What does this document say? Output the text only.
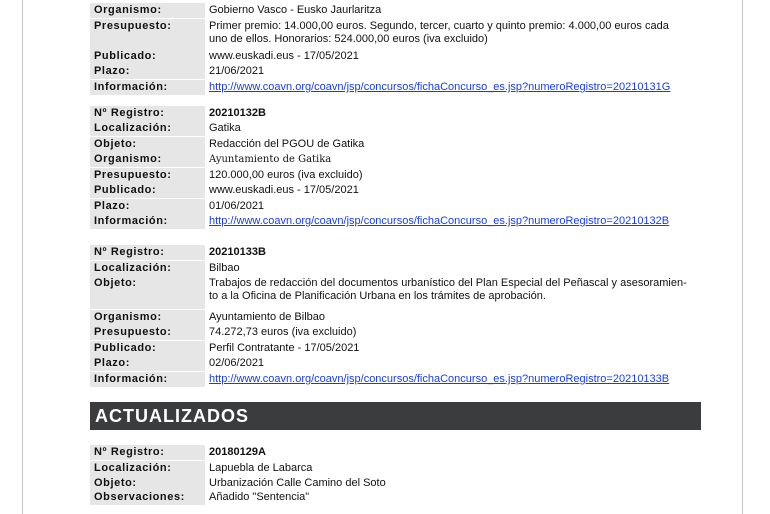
Organismo:	Gobierno Vasco - Eusko Jaurlaritza
Presupuesto:	Primer premio: 14.000,00 euros. Segundo, tercer, cuarto y quinto premio: 4.000,00 euros cada uno de ellos. Honorarios: 524.000,00 euros (iva excluido)
Publicado:	www.euskadi.eus - 17/05/2021
Plazo:	21/06/2021
Información:	http://www.coavn.org/coavn/jsp/concursos/fichaConcurso_es.jsp?numeroRegistro=20210131G
Nº Registro:	20210132B
Localización:	Gatika
Objeto:	Redacción del PGOU de Gatika
Organismo:	Ayuntamiento de Gatika
Presupuesto:	120.000,00 euros (iva excluido)
Publicado:	www.euskadi.eus - 17/05/2021
Plazo:	01/06/2021
Información:	http://www.coavn.org/coavn/jsp/concursos/fichaConcurso_es.jsp?numeroRegistro=20210132B
Nº Registro:	20210133B
Localización:	Bilbao
Objeto:	Trabajos de redacción del documentos urbanístico del Plan Especial del Peñascal y asesoramien-to a la Oficina de Planificación Urbana en los trámites de aprobación.
Organismo:	Ayuntamiento de Bilbao
Presupuesto:	74.272,73 euros (iva excluido)
Publicado:	Perfil Contratante - 17/05/2021
Plazo:	02/06/2021
Información:	http://www.coavn.org/coavn/jsp/concursos/fichaConcurso_es.jsp?numeroRegistro=20210133B
ACTUALIZADOS
Nº Registro:	20180129A
Localización:	Lapuebla de Labarca
Objeto:	Urbanización Calle Camino del Soto
Observaciones:	Añadido "Sentencia"
